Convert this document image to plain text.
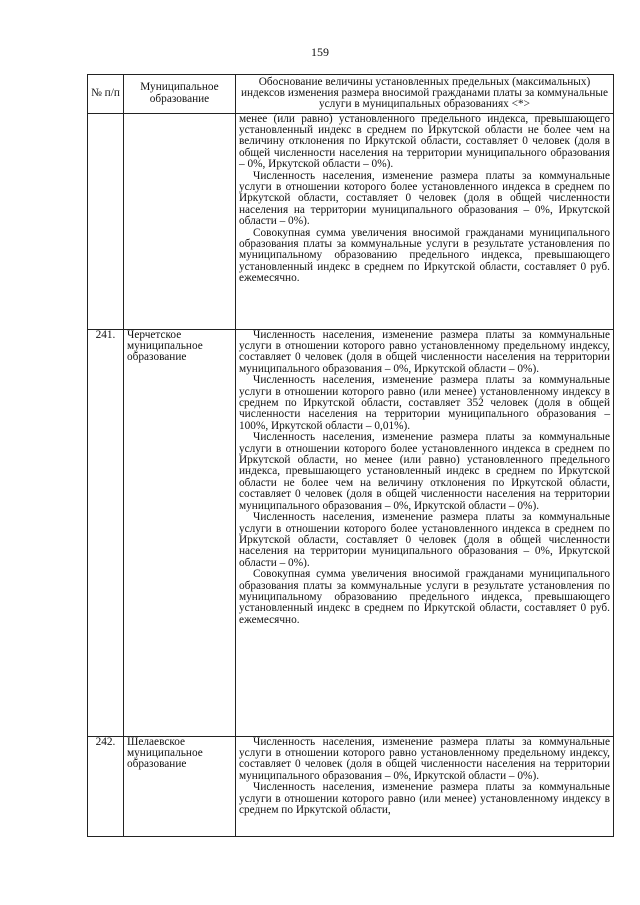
159
№ п/п	Муниципальное образование	Обоснование величины установленных предельных (максимальных) индексов изменения размера вносимой гражданами платы за коммунальные услуги в муниципальных образованиях <*>

		менее (или равно) установленного предельного индекса, превышающего установленный индекс в среднем по Иркутской области не более чем на величину отклонения по Иркутской области, составляет 0 человек (доля в общей численности населения на территории муниципального образования – 0%, Иркутской области – 0%).

Численность населения, изменение размера платы за коммунальные услуги в отношении которого более установленного индекса в среднем по Иркутской области, составляет 0 человек (доля в общей численности населения на территории муниципального образования – 0%, Иркутской области – 0%).

Совокупная сумма увеличения вносимой гражданами муниципального образования платы за коммунальные услуги в результате установления по муниципальному образованию предельного индекса, превышающего установленный индекс в среднем по Иркутской области, составляет 0 руб. ежемесячно.

241.	Черчетское муниципальное образование	Численность населения, изменение размера платы за коммунальные услуги в отношении которого равно установленному предельному индексу, составляет 0 человек (доля в общей численности населения на территории муниципального образования – 0%, Иркутской области – 0%).

Численность населения, изменение размера платы за коммунальные услуги в отношении которого равно (или менее) установленному индексу в среднем по Иркутской области, составляет 352 человек (доля в общей численности населения на территории муниципального образования – 100%, Иркутской области – 0,01%).

Численность населения, изменение размера платы за коммунальные услуги в отношении которого более установленного индекса в среднем по Иркутской области, но менее (или равно) установленного предельного индекса, превышающего установленный индекс в среднем по Иркутской области не более чем на величину отклонения по Иркутской области, составляет 0 человек (доля в общей численности населения на территории муниципального образования – 0%, Иркутской области – 0%).

Численность населения, изменение размера платы за коммунальные услуги в отношении которого более установленного индекса в среднем по Иркутской области, составляет 0 человек (доля в общей численности населения на территории муниципального образования – 0%, Иркутской области – 0%).

Совокупная сумма увеличения вносимой гражданами муниципального образования платы за коммунальные услуги в результате установления по муниципальному образованию предельного индекса, превышающего установленный индекс в среднем по Иркутской области, составляет 0 руб. ежемесячно.

242.	Шелаевское муниципальное образование	Численность населения, изменение размера платы за коммунальные услуги в отношении которого равно установленному предельному индексу, составляет 0 человек (доля в общей численности населения на территории муниципального образования – 0%, Иркутской области – 0%).

Численность населения, изменение размера платы за коммунальные услуги в отношении которого равно (или менее) установленному индексу в среднем по Иркутской области,
